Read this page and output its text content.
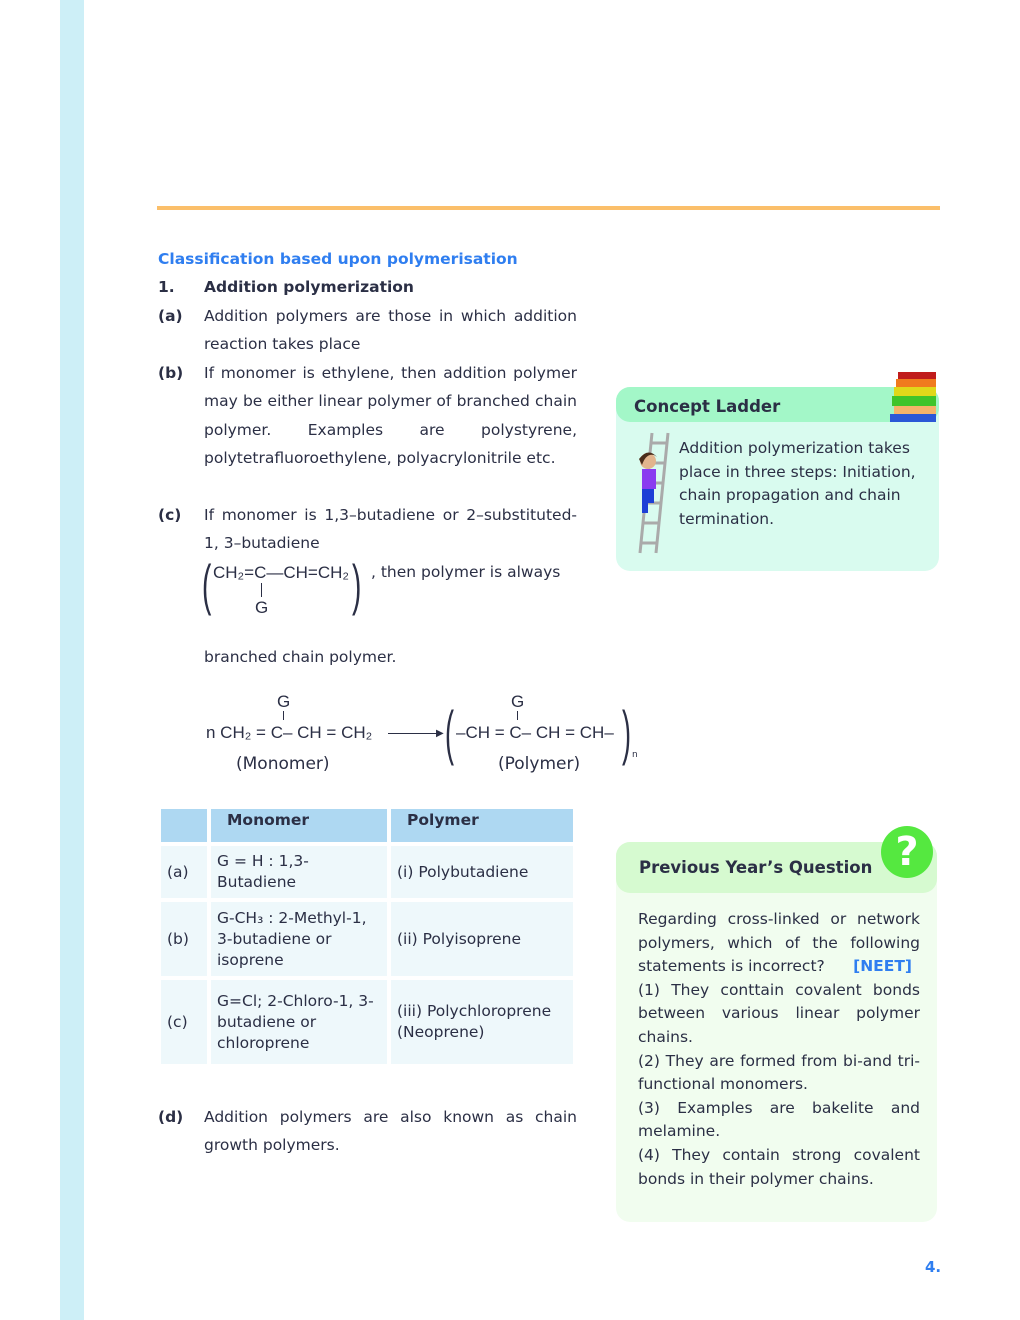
Classification based upon polymerisation
1. Addition polymerization
(a) Addition polymers are those in which addition reaction takes place
(b) If monomer is ethylene, then addition polymer may be either linear polymer of branched chain polymer. Examples are polystyrene, polytetrafluoroethylene, polyacrylonitrile etc.
(c) If monomer is 1,3–butadiene or 2–substituted-1, 3–butadiene
( CH₂=C—CH=CH₂
G ) , then polymer is always
branched chain polymer.
G
n CH₂ = C– CH = CH₂	▶ (	G
–CH = C– CH = CH– ) n
(Monomer)	(Polymer)
	Monomer	Polymer
(a)	G = H : 1,3-Butadiene	(i) Polybutadiene
(b)	G-CH₃ : 2-Methyl-1, 3-butadiene or isoprene	(ii) Polyisoprene
(c)	G=Cl; 2-Chloro-1, 3-butadiene or chloroprene	(iii) Polychloroprene (Neoprene)
(d) Addition polymers are also known as chain growth polymers.
Concept Ladder
Addition polymerization takes place in three steps: Initiation, chain propagation and chain termination.
Previous Year’s Question ?
Regarding cross-linked or network polymers, which of the following statements is incorrect? [NEET]
(1) They conttain covalent bonds between various linear polymer chains.
(2) They are formed from bi-and tri-functional monomers.
(3) Examples are bakelite and melamine.
(4) They contain strong covalent bonds in their polymer chains.
4.
